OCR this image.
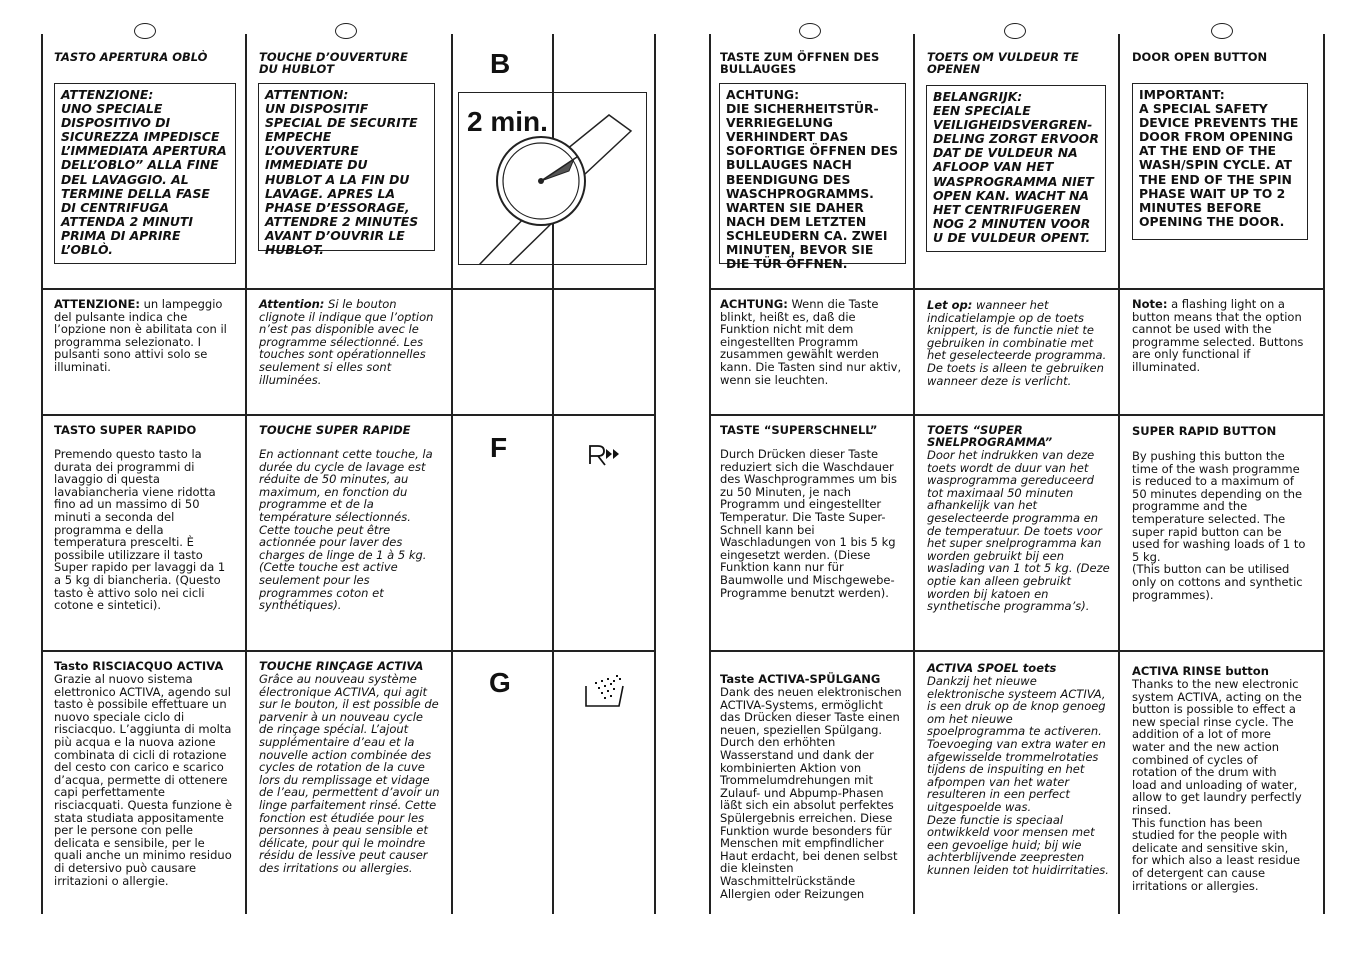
TASTO APERTURA OBLÒ
ATTENZIONE:
UNO SPECIALE DISPOSITIVO DI SICUREZZA IMPEDISCE L’IMMEDIATA APERTURA DELL’OBLO” ALLA FINE DEL LAVAGGIO. AL TERMINE DELLA FASE DI CENTRIFUGA ATTENDA 2 MINUTI PRIMA DI APRIRE L’OBLÒ.
ATTENZIONE: un lampeggio del pulsante indica che l’opzione non è abilitata con il programma selezionato. I pulsanti sono attivi solo se illuminati.
TASTO SUPER RAPIDO
Premendo questo tasto la durata dei programmi di lavaggio di questa lavabiancheria viene ridotta fino ad un massimo di 50 minuti a seconda del programma e della temperatura prescelti. È possibile utilizzare il tasto Super rapido per lavaggi da 1 a 5 kg di biancheria. (Questo tasto è attivo solo nei cicli cotone e sintetici).
Tasto RISCIACQUO ACTIVA
Grazie al nuovo sistema elettronico ACTIVA, agendo sul tasto è possibile effettuare un nuovo speciale ciclo di risciacquo. L’aggiunta di molta più acqua e la nuova azione combinata di cicli di rotazione del cesto con carico e scarico d’acqua, permette di ottenere capi perfettamente risciacquati. Questa funzione è stata studiata appositamente per le persone con pelle delicata e sensibile, per le quali anche un minimo residuo di detersivo può causare irritazioni o allergie.
TOUCHE D’OUVERTURE DU HUBLOT
ATTENTION:
UN DISPOSITIF SPECIAL DE SECURITE EMPECHE L’OUVERTURE IMMEDIATE DU HUBLOT A LA FIN DU LAVAGE. APRES LA PHASE D’ESSORAGE, ATTENDRE 2 MINUTES AVANT D’OUVRIR LE HUBLOT.
Attention: Si le bouton clignote il indique que l’option n’est pas disponible avec le programme sélectionné. Les touches sont opérationnelles seulement si elles sont illuminées.
TOUCHE SUPER RAPIDE
En actionnant cette touche, la durée du cycle de lavage est réduite de 50 minutes, au maximum, en fonction du programme et de la température sélectionnés. Cette touche peut être actionnée pour laver des charges de linge de 1 à 5 kg. (Cette touche est active seulement pour les programmes coton et synthétiques).
TOUCHE RINÇAGE ACTIVA
Grâce au nouveau système électronique ACTIVA, qui agit sur le bouton, il est possible de parvenir à un nouveau cycle de rinçage spécial. L’ajout supplémentaire d’eau et la nouvelle action combinée des cycles de rotation de la cuve lors du remplissage et vidage de l’eau, permettent d’avoir un linge parfaitement rinsé. Cette fonction est étudiée pour les personnes à peau sensible et délicate, pour qui le moindre résidu de lessive peut causer des irritations ou allergies.
B
2 min.
F
G
TASTE ZUM ÖFFNEN DES BULLAUGES
ACHTUNG:
DIE SICHERHEITSTÜR-VERRIEGELUNG VERHINDERT DAS SOFORTIGE ÖFFNEN DES BULLAUGES NACH BEENDIGUNG DES WASCHPROGRAMMS. WARTEN SIE DAHER NACH DEM LETZTEN SCHLEUDERN CA. ZWEI MINUTEN, BEVOR SIE DIE TÜR ÖFFNEN.
ACHTUNG: Wenn die Taste blinkt, heißt es, daß die Funktion nicht mit dem eingestellten Programm zusammen gewählt werden kann. Die Tasten sind nur aktiv, wenn sie leuchten.
TASTE “SUPERSCHNELL”
Durch Drücken dieser Taste reduziert sich die Waschdauer des Waschprogrammes um bis zu 50 Minuten, je nach Programm und eingestellter Temperatur. Die Taste Super-Schnell kann bei Waschladungen von 1 bis 5 kg eingesetzt werden. (Diese Funktion kann nur für Baumwolle und Mischgewebe- Programme benutzt werden).
Taste ACTIVA-SPÜLGANG
Dank des neuen elektronischen ACTIVA-Systems, ermöglicht das Drücken dieser Taste einen neuen, speziellen Spülgang. Durch den erhöhten Wasserstand und dank der kombinierten Aktion von Trommelumdrehungen mit Zulauf- und Abpump-Phasen läßt sich ein absolut perfektes Spülergebnis erreichen. Diese Funktion wurde besonders für Menschen mit empfindlicher Haut erdacht, bei denen selbst die kleinsten Waschmittelrückstände Allergien oder Reizungen
TOETS OM VULDEUR TE OPENEN
BELANGRIJK:
EEN SPECIALE VEILIGHEIDSVERGREN-DELING ZORGT ERVOOR DAT DE VULDEUR NA AFLOOP VAN HET WASPROGRAMMA NIET OPEN KAN. WACHT NA HET CENTRIFUGEREN NOG 2 MINUTEN VOOR U DE VULDEUR OPENT.
Let op: wanneer het indicatielampje op de toets knippert, is de functie niet te gebruiken in combinatie met het geselecteerde programma. De toets is alleen te gebruiken wanneer deze is verlicht.
TOETS “SUPER SNELPROGRAMMA”
Door het indrukken van deze toets wordt de duur van het wasprogramma gereduceerd tot maximaal 50 minuten afhankelijk van het geselecteerde programma en de temperatuur. De toets voor het super snelprogramma kan worden gebruikt bij een waslading van 1 tot 5 kg. (Deze optie kan alleen gebruikt worden bij katoen en synthetische programma’s).
ACTIVA SPOEL toets
Dankzij het nieuwe elektronische systeem ACTIVA, is een druk op de knop genoeg om het nieuwe spoelprogramma te activeren. Toevoeging van extra water en afgewisselde trommelrotaties tijdens de inspuiting en het afpompen van het water resulteren in een perfect uitgespoelde was.
Deze functie is speciaal ontwikkeld voor mensen met een gevoelige huid; bij wie achterblijvende zeepresten kunnen leiden tot huidirritaties.
DOOR OPEN BUTTON
IMPORTANT:
A SPECIAL SAFETY DEVICE PREVENTS THE DOOR FROM OPENING AT THE END OF THE WASH/SPIN CYCLE. AT THE END OF THE SPIN PHASE WAIT UP TO 2 MINUTES BEFORE OPENING THE DOOR.
Note: a flashing light on a button means that the option cannot be used with the programme selected. Buttons are only functional if illuminated.
SUPER RAPID BUTTON
By pushing this button the time of the wash programme is reduced to a maximum of 50 minutes depending on the programme and the temperature selected. The super rapid button can be used for washing loads of 1 to 5 kg.
(This button can be utilised only on cottons and synthetic programmes).
ACTIVA RINSE button
Thanks to the new electronic system ACTIVA, acting on the button is possible to effect a new special rinse cycle. The addition of a lot of more water and the new action combined of cycles of rotation of the drum with load and unloading of water, allow to get laundry perfectly rinsed.
This function has been studied for the people with delicate and sensitive skin, for which also a least residue of detergent can cause irritations or allergies.
